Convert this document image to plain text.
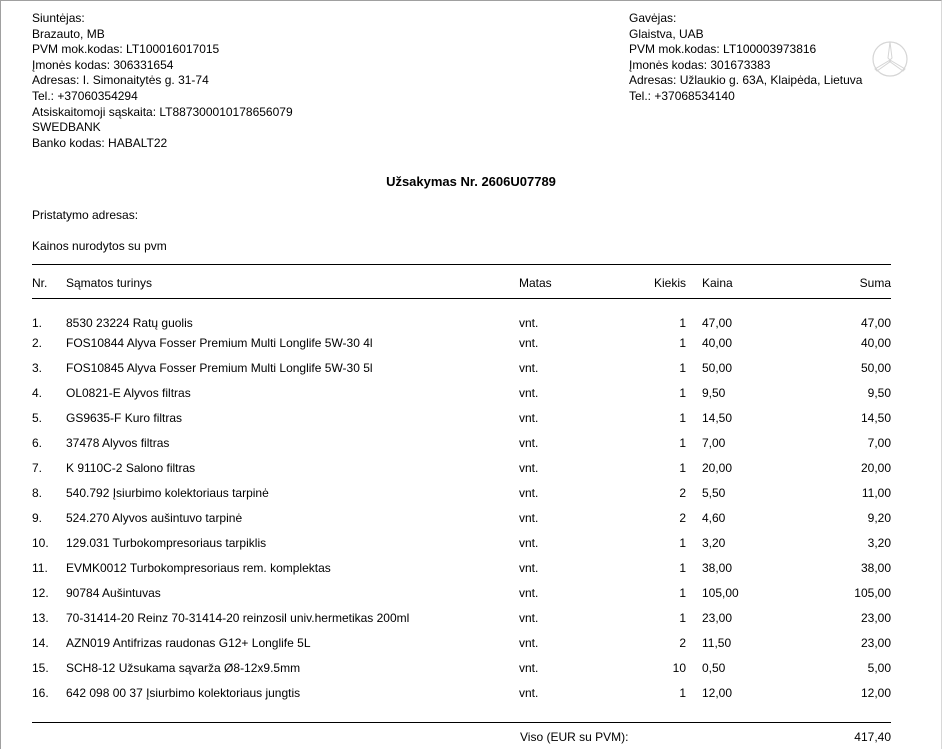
Siuntėjas:
Brazauto, MB
PVM mok.kodas: LT100016017015
Įmonės kodas: 306331654
Adresas: I. Simonaitytės g. 31-74
Tel.: +37060354294
Atsiskaitomoji sąskaita: LT887300010178656079
SWEDBANK
Banko kodas: HABALT22
Gavėjas:
Glaistva, UAB
PVM mok.kodas: LT100003973816
Įmonės kodas: 301673383
Adresas: Užlaukio g. 63A, Klaipėda, Lietuva
Tel.: +37068534140
Užsakymas Nr. 2606U07789
Pristatymo adresas:
Kainos nurodytos su pvm
Nr.	Sąmatos turinys	Matas	Kiekis	Kaina	Suma
1.	8530 23224 Ratų guolis	vnt.	1	47,00	47,00
2.	FOS10844 Alyva Fosser Premium Multi Longlife 5W-30 4l	vnt.	1	40,00	40,00
3.	FOS10845 Alyva Fosser Premium Multi Longlife 5W-30 5l	vnt.	1	50,00	50,00
4.	OL0821-E Alyvos filtras	vnt.	1	9,50	9,50
5.	GS9635-F Kuro filtras	vnt.	1	14,50	14,50
6.	37478 Alyvos filtras	vnt.	1	7,00	7,00
7.	K 9110C-2 Salono filtras	vnt.	1	20,00	20,00
8.	540.792 Įsiurbimo kolektoriaus tarpinė	vnt.	2	5,50	11,00
9.	524.270 Alyvos aušintuvo tarpinė	vnt.	2	4,60	9,20
10.	129.031 Turbokompresoriaus tarpiklis	vnt.	1	3,20	3,20
11.	EVMK0012 Turbokompresoriaus rem. komplektas	vnt.	1	38,00	38,00
12.	90784 Aušintuvas	vnt.	1	105,00	105,00
13.	70-31414-20 Reinz 70-31414-20 reinzosil univ.hermetikas 200ml	vnt.	1	23,00	23,00
14.	AZN019 Antifrizas raudonas G12+ Longlife 5L	vnt.	2	11,50	23,00
15.	SCH8-12 Užsukama sąvarža Ø8-12x9.5mm	vnt.	10	0,50	5,00
16.	642 098 00 37 Įsiurbimo kolektoriaus jungtis	vnt.	1	12,00	12,00
Viso (EUR su PVM):	417,40
